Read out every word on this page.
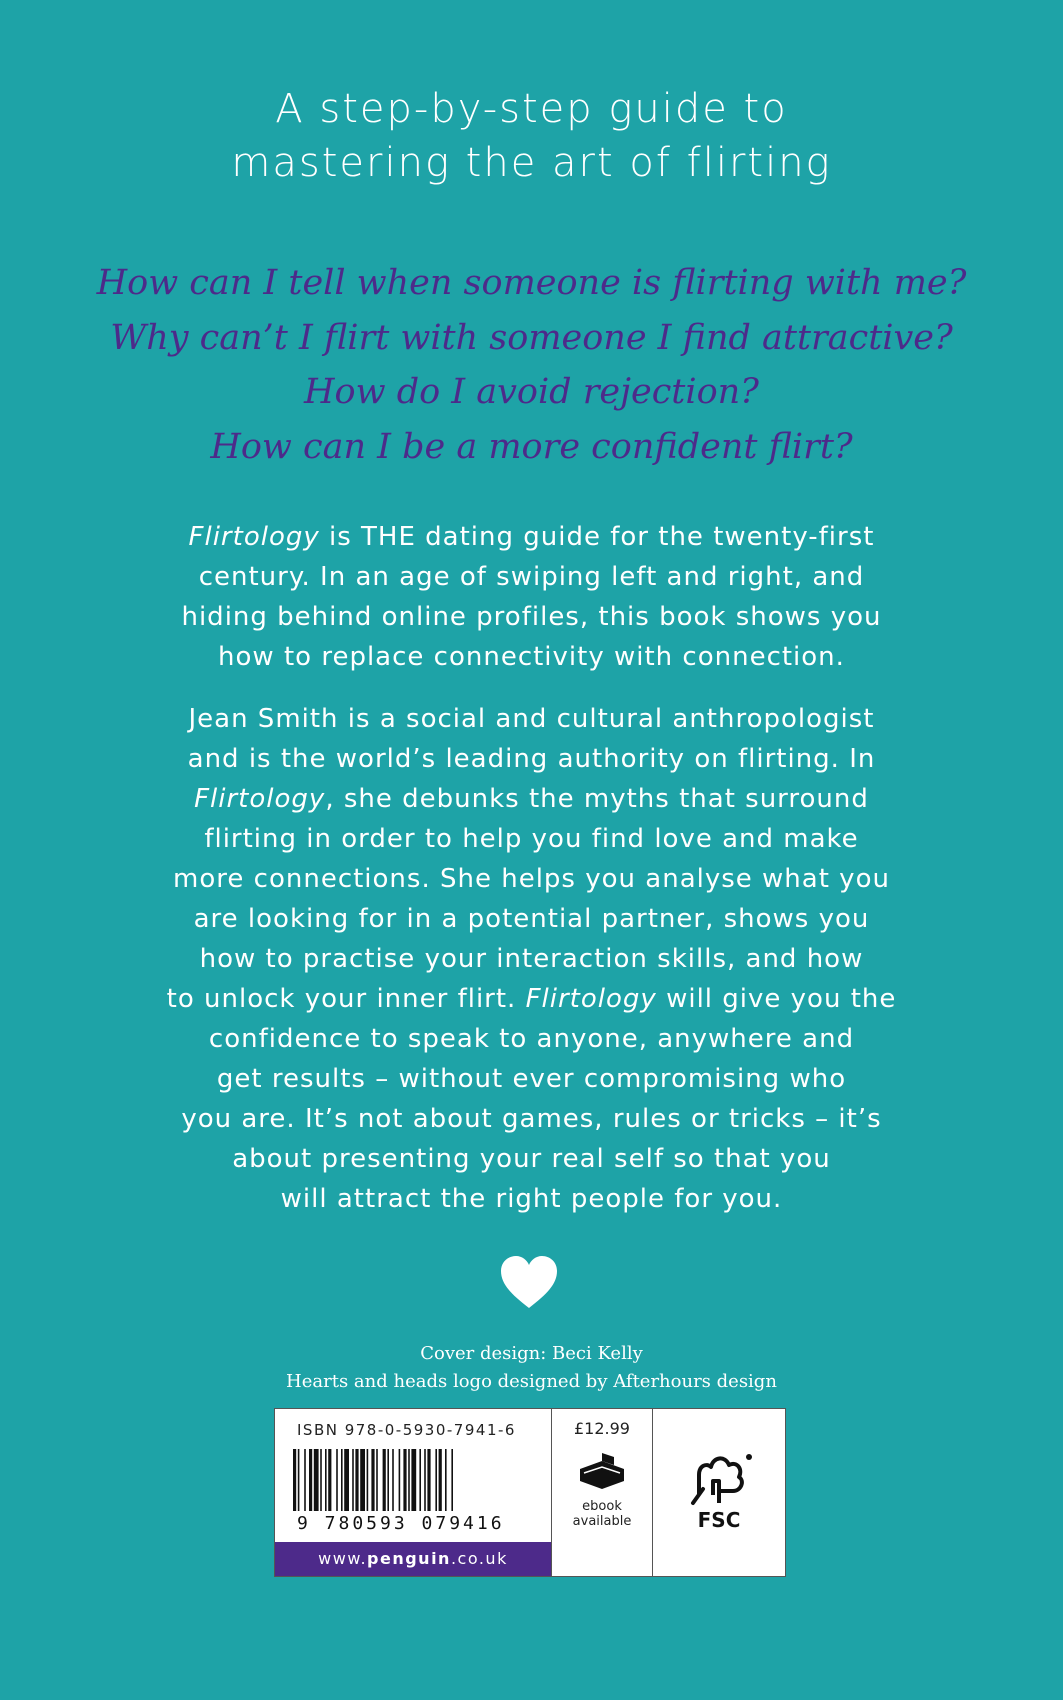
A step-by-step guide to
mastering the art of flirting
How can I tell when someone is flirting with me?
Why can’t I flirt with someone I find attractive?
How do I avoid rejection?
How can I be a more confident flirt?
Flirtology is THE dating guide for the twenty-first
century. In an age of swiping left and right, and
hiding behind online profiles, this book shows you
how to replace connectivity with connection.
Jean Smith is a social and cultural anthropologist
and is the world’s leading authority on flirting. In
Flirtology, she debunks the myths that surround
flirting in order to help you find love and make
more connections. She helps you analyse what you
are looking for in a potential partner, shows you
how to practise your interaction skills, and how
to unlock your inner flirt. Flirtology will give you the
confidence to speak to anyone, anywhere and
get results – without ever compromising who
you are. It’s not about games, rules or tricks – it’s
about presenting your real self so that you
will attract the right people for you.
Cover design: Beci Kelly
Hearts and heads logo designed by Afterhours design
ISBN 978-0-5930-7941-6
9 780593 079416
www.penguin.co.uk
£12.99
ebook
available	FSC
